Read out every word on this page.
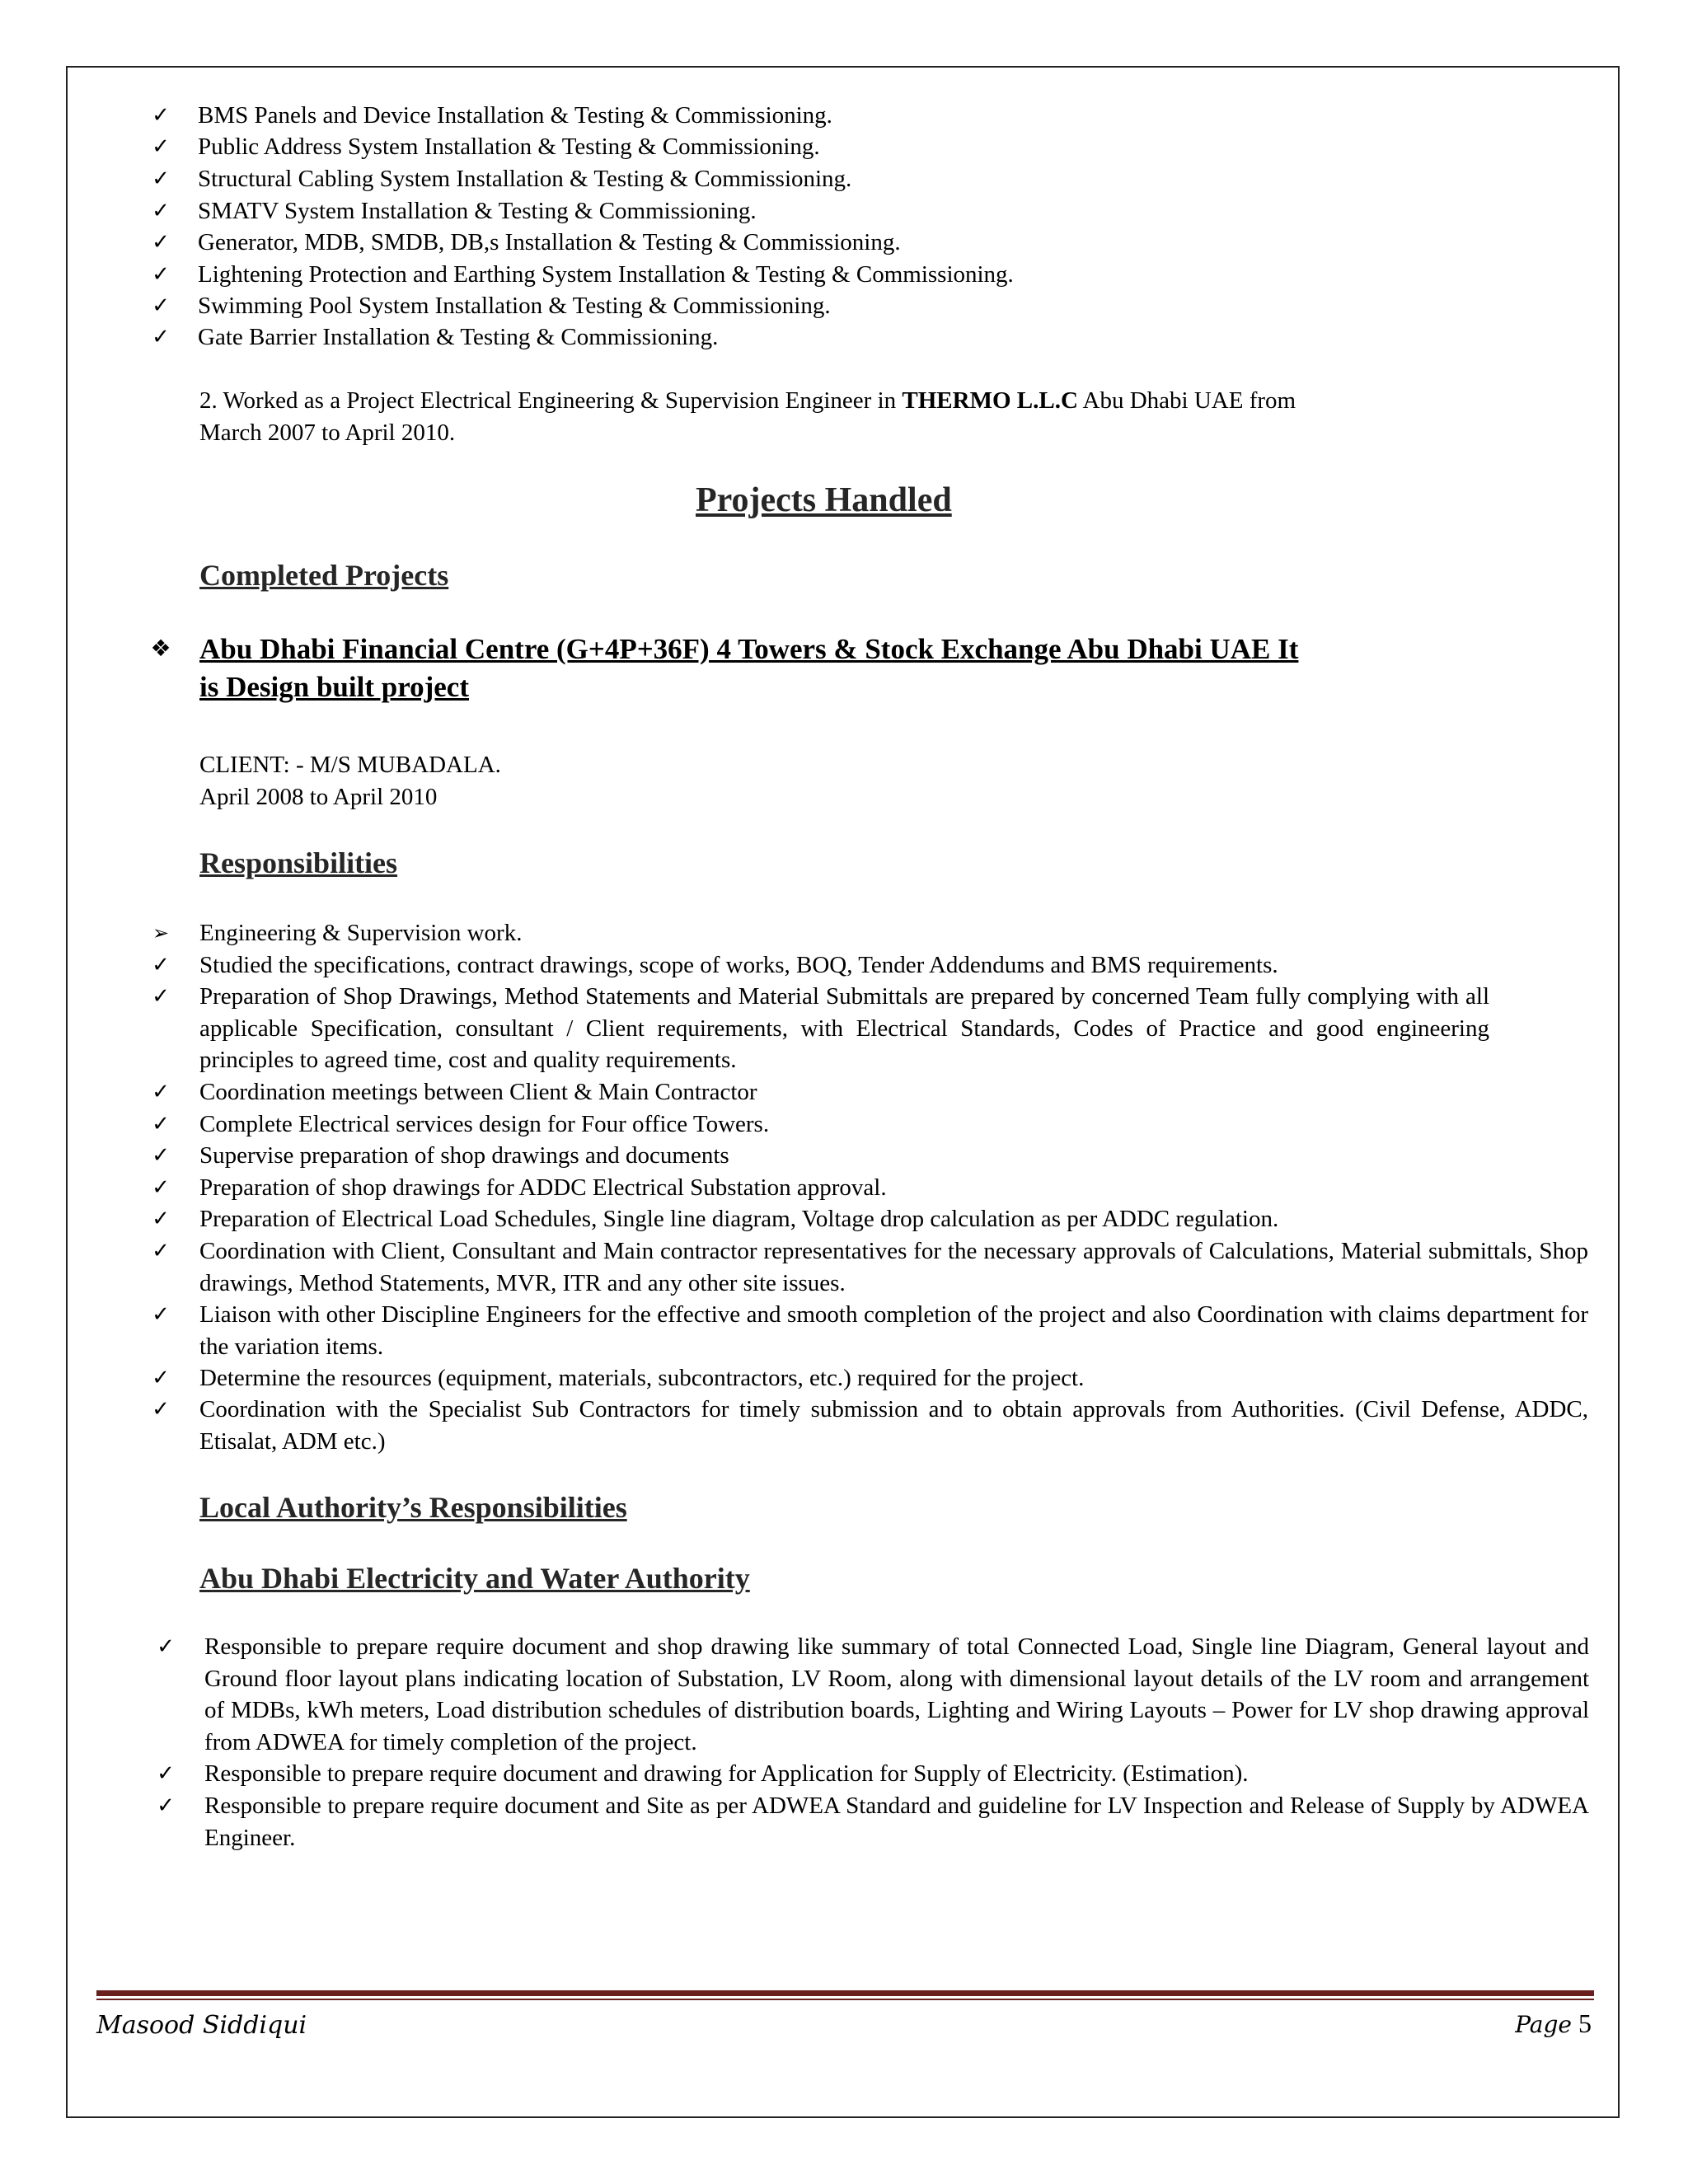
✓
BMS Panels and Device Installation & Testing & Commissioning.
✓
Public Address System Installation & Testing & Commissioning.
✓
Structural Cabling System Installation & Testing & Commissioning.
✓
SMATV System Installation & Testing & Commissioning.
✓
Generator, MDB, SMDB, DB,s Installation & Testing & Commissioning.
✓
Lightening Protection and Earthing System Installation & Testing & Commissioning.
✓
Swimming Pool System Installation & Testing & Commissioning.
✓
Gate Barrier Installation & Testing & Commissioning.
2. Worked as a Project Electrical Engineering & Supervision Engineer in THERMO L.L.C Abu Dhabi UAE from
March 2007 to April 2010.
Projects Handled
Completed Projects
❖
Abu Dhabi Financial Centre (G+4P+36F) 4 Towers & Stock Exchange Abu Dhabi UAE It
is Design built project
CLIENT: - M/S MUBADALA.
April 2008 to April 2010
Responsibilities
➢
Engineering & Supervision work.
✓
Studied the specifications, contract drawings, scope of works, BOQ, Tender Addendums and BMS requirements.
✓
Preparation of Shop Drawings, Method Statements and Material Submittals are prepared by concerned Team fully complying with all applicable Specification, consultant / Client requirements, with Electrical Standards, Codes of Practice and good engineering principles to agreed time, cost and quality requirements.
✓
Coordination meetings between Client & Main Contractor
✓
Complete Electrical services design for Four office Towers.
✓
Supervise preparation of shop drawings and documents
✓
Preparation of shop drawings for ADDC Electrical Substation approval.
✓
Preparation of Electrical Load Schedules, Single line diagram, Voltage drop calculation as per ADDC regulation.
✓
Coordination with Client, Consultant and Main contractor representatives for the necessary approvals of Calculations, Material submittals, Shop drawings, Method Statements, MVR, ITR and any other site issues.
✓
Liaison with other Discipline Engineers for the effective and smooth completion of the project and also Coordination with claims department for the variation items.
✓
Determine the resources (equipment, materials, subcontractors, etc.) required for the project.
✓
Coordination with the Specialist Sub Contractors for timely submission and to obtain approvals from Authorities. (Civil Defense, ADDC, Etisalat, ADM etc.)
Local Authority’s Responsibilities
Abu Dhabi Electricity and Water Authority
✓
Responsible to prepare require document and shop drawing like summary of total Connected Load, Single line Diagram, General layout and Ground floor layout plans indicating location of Substation, LV Room, along with dimensional layout details of the LV room and arrangement of MDBs, kWh meters, Load distribution schedules of distribution boards, Lighting and Wiring Layouts – Power for LV shop drawing approval from ADWEA for timely completion of the project.
✓
Responsible to prepare require document and drawing for Application for Supply of Electricity. (Estimation).
✓
Responsible to prepare require document and Site as per ADWEA Standard and guideline for LV Inspection and Release of Supply by ADWEA Engineer.
Masood Siddiqui	Page 5
